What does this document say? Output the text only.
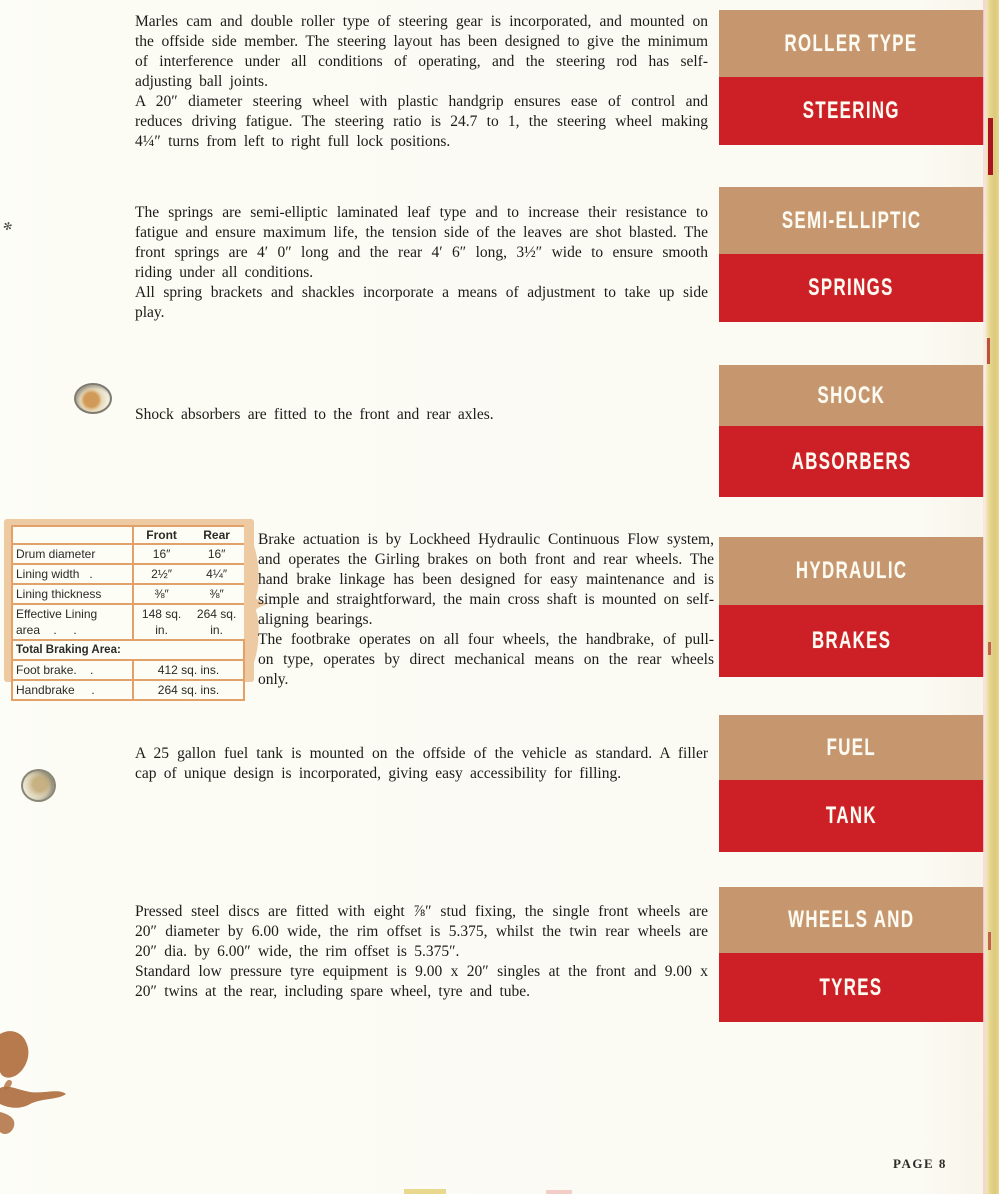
Marles cam and double roller type of steering gear is incorporated, and mounted on the offside side member. The steering layout has been designed to give the minimum of interference under all conditions of operating, and the steering rod has self-adjusting ball joints.

A 20″ diameter steering wheel with plastic handgrip ensures ease of control and reduces driving fatigue. The steering ratio is 24.7 to 1, the steering wheel making 4¼″ turns from left to right full lock positions.

The springs are semi-elliptic laminated leaf type and to increase their resistance to fatigue and ensure maximum life, the tension side of the leaves are shot blasted. The front springs are 4′ 0″ long and the rear 4′ 6″ long, 3½″ wide to ensure smooth riding under all conditions.

All spring brackets and shackles incorporate a means of adjustment to take up side play.

Shock absorbers are fitted to the front and rear axles.

	Front	Rear
Drum diameter	16″	16″
Lining width   .	2½″	4¼″
Lining thickness	⅜″	⅜″
Effective Lining area    .     .	148 sq. in.	264 sq. in.
Total Braking Area:		
Foot brake.    .	412 sq. ins.	
Handbrake     .	264 sq. ins.	

Brake actuation is by Lockheed Hydraulic Continuous Flow system, and operates the Girling brakes on both front and rear wheels. The hand brake linkage has been designed for easy maintenance and is simple and straightforward, the main cross shaft is mounted on self-aligning bearings.

The footbrake operates on all four wheels, the handbrake, of pull-on type, operates by direct mechanical means on the rear wheels only.

A 25 gallon fuel tank is mounted on the offside of the vehicle as standard. A filler cap of unique design is incorporated, giving easy accessibility for filling.

Pressed steel discs are fitted with eight ⅞″ stud fixing, the single front wheels are 20″ diameter by 6.00 wide, the rim offset is 5.375, whilst the twin rear wheels are 20″ dia. by 6.00″ wide, the rim offset is 5.375″.

Standard low pressure tyre equipment is 9.00 x 20″ singles at the front and 9.00 x 20″ twins at the rear, including spare wheel, tyre and tube.

ROLLER TYPE
STEERING
SEMI-ELLIPTIC
SPRINGS
SHOCK
ABSORBERS
HYDRAULIC
BRAKES
FUEL
TANK
WHEELS AND
TYRES
PAGE 8
✻
